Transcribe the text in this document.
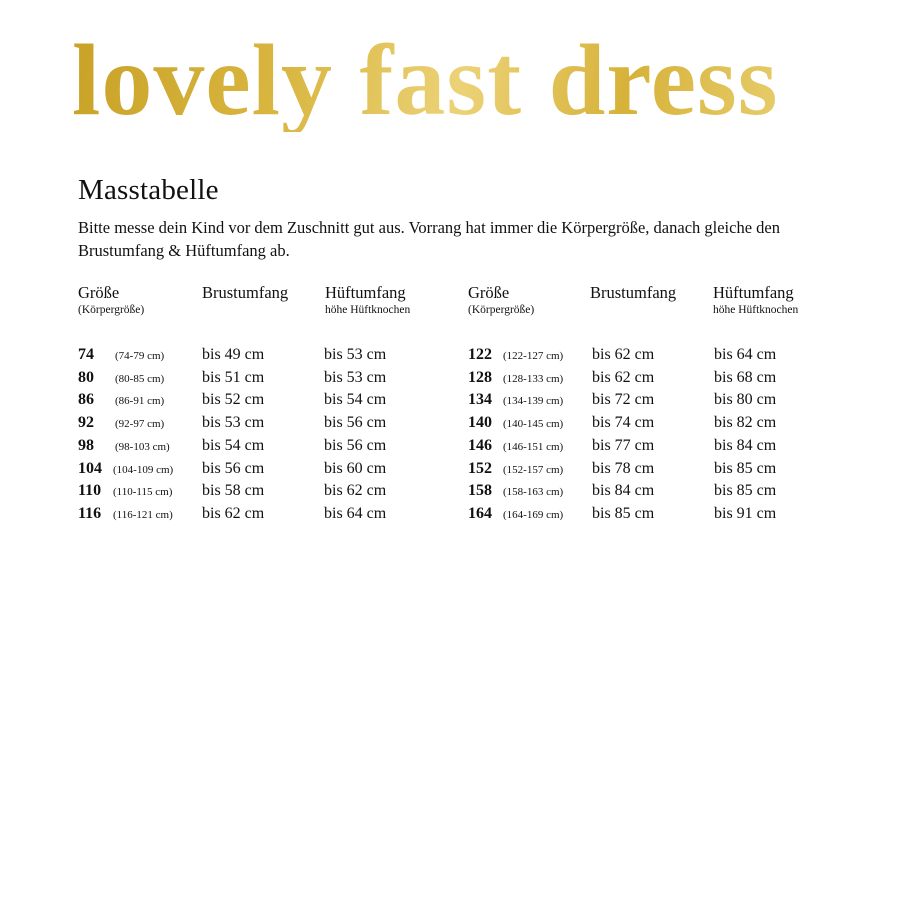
lovely fast dress
Masstabelle

Bitte messe dein Kind vor dem Zuschnitt gut aus. Vorrang hat immer die Körpergröße, danach gleiche den Brustumfang & Hüftumfang ab.

Größe
(Körpergröße)
Brustumfang Hüftumfang
höhe Hüftknochen
Größe
(Körpergröße)
Brustumfang Hüftumfang
höhe Hüftknochen
74 (74-79 cm) bis 49 cm	bis 53 cm
80 (80-85 cm) bis 51 cm	bis 53 cm
86 (86-91 cm) bis 52 cm	bis 54 cm
92 (92-97 cm) bis 53 cm	bis 56 cm
98 (98-103 cm) bis 54 cm	bis 56 cm
104 (104-109 cm) bis 56 cm	bis 60 cm
110 (110-115 cm) bis 58 cm	bis 62 cm
116 (116-121 cm) bis 62 cm	bis 64 cm
122 (122-127 cm) bis 62 cm	bis 64 cm
128 (128-133 cm) bis 62 cm	bis 68 cm
134 (134-139 cm) bis 72 cm	bis 80 cm
140 (140-145 cm) bis 74 cm	bis 82 cm
146 (146-151 cm) bis 77 cm	bis 84 cm
152 (152-157 cm) bis 78 cm	bis 85 cm
158 (158-163 cm) bis 84 cm	bis 85 cm
164 (164-169 cm) bis 85 cm	bis 91 cm
